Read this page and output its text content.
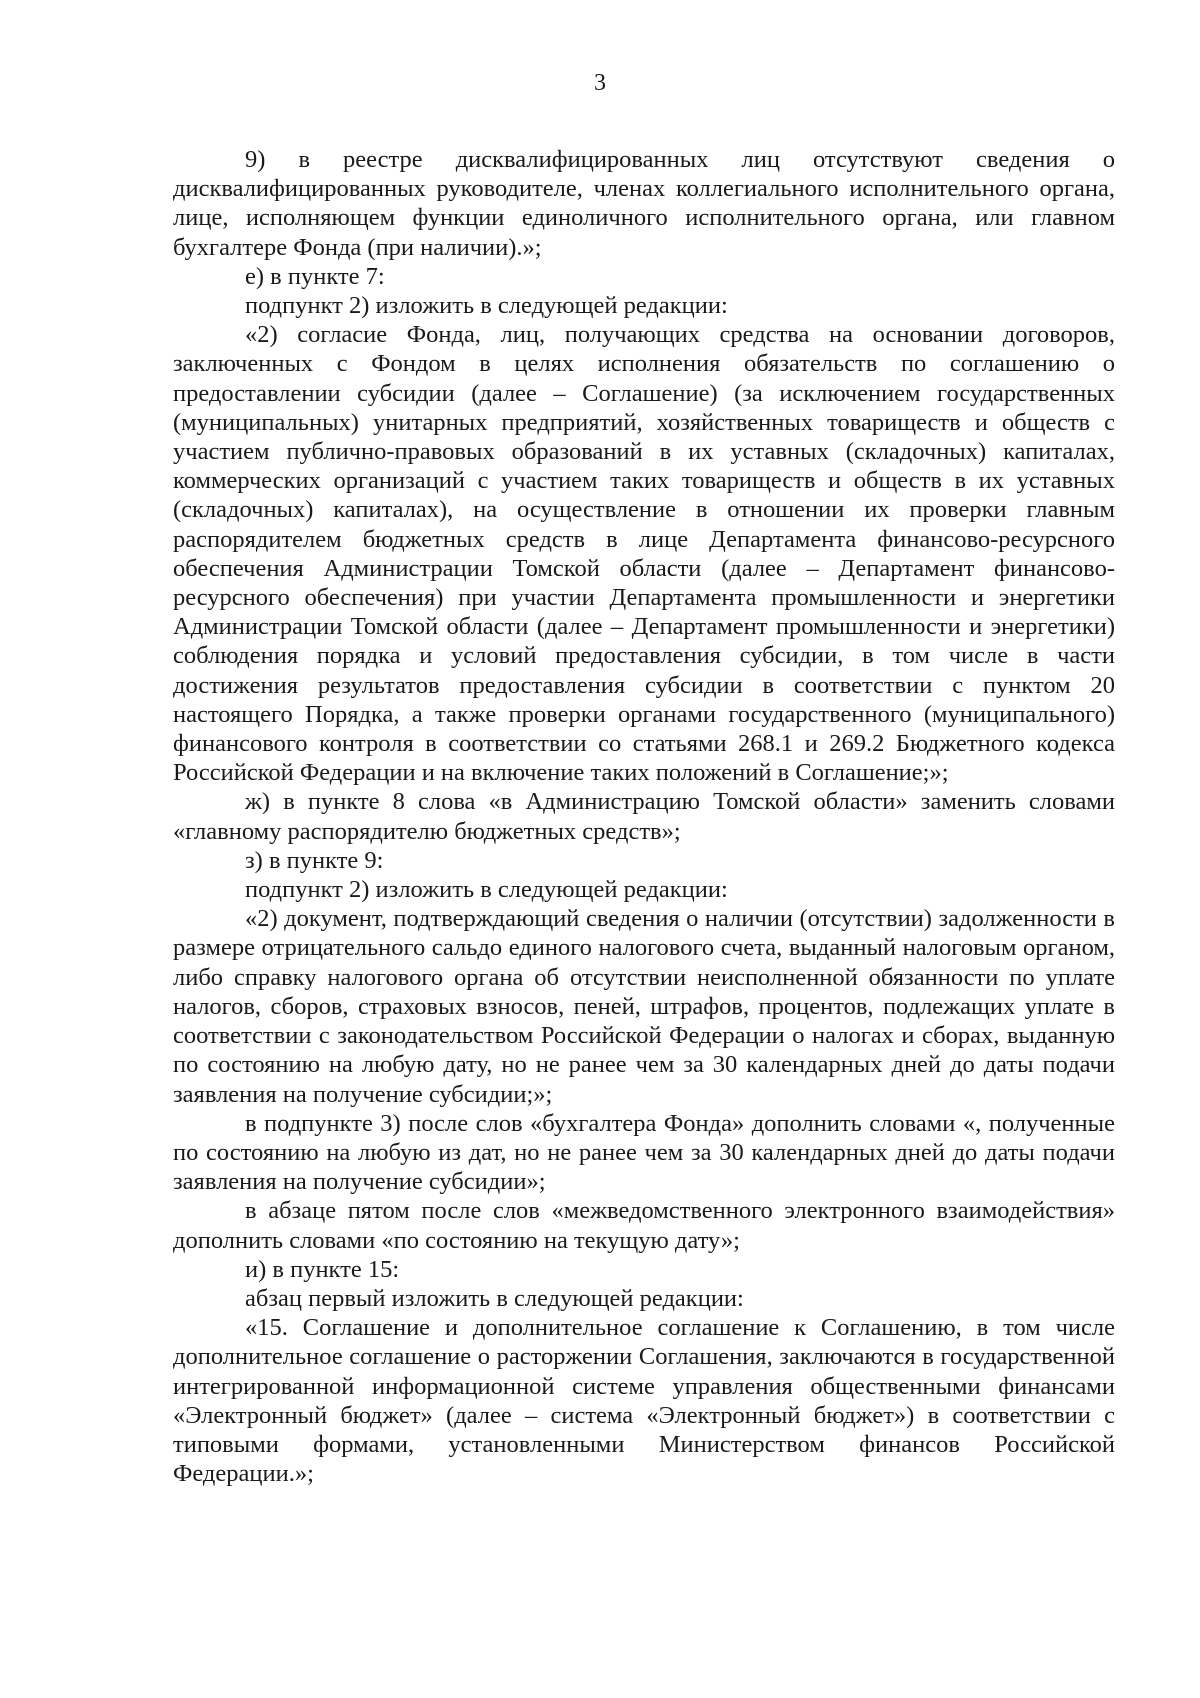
3

9) в реестре дисквалифицированных лиц отсутствуют сведения о дисквалифицированных руководителе, членах коллегиального исполнительного органа, лице, исполняющем функции единоличного исполнительного органа, или главном бухгалтере Фонда (при наличии).»;

е) в пункте 7:

подпункт 2) изложить в следующей редакции:

«2) согласие Фонда, лиц, получающих средства на основании договоров, заключенных с Фондом в целях исполнения обязательств по соглашению о предоставлении субсидии (далее – Соглашение) (за исключением государственных (муниципальных) унитарных предприятий, хозяйственных товариществ и обществ с участием публично-правовых образований в их уставных (складочных) капиталах, коммерческих организаций с участием таких товариществ и обществ в их уставных (складочных) капиталах), на осуществление в отношении их проверки главным распорядителем бюджетных средств в лице Департамента финансово-ресурсного обеспечения Администрации Томской области (далее – Департамент финансово-ресурсного обеспечения) при участии Департамента промышленности и энергетики Администрации Томской области (далее – Департамент промышленности и энергетики) соблюдения порядка и условий предоставления субсидии, в том числе в части достижения результатов предоставления субсидии в соответствии с пунктом 20 настоящего Порядка, а также проверки органами государственного (муниципального) финансового контроля в соответствии со статьями 268.1 и 269.2 Бюджетного кодекса Российской Федерации и на включение таких положений в Соглашение;»;

ж) в пункте 8 слова «в Администрацию Томской области» заменить словами «главному распорядителю бюджетных средств»;

з) в пункте 9:

подпункт 2) изложить в следующей редакции:

«2) документ, подтверждающий сведения о наличии (отсутствии) задолженности в размере отрицательного сальдо единого налогового счета, выданный налоговым органом, либо справку налогового органа об отсутствии неисполненной обязанности по уплате налогов, сборов, страховых взносов, пеней, штрафов, процентов, подлежащих уплате в соответствии с законодательством Российской Федерации о налогах и сборах, выданную по состоянию на любую дату, но не ранее чем за 30 календарных дней до даты подачи заявления на получение субсидии;»;

в подпункте 3) после слов «бухгалтера Фонда» дополнить словами «, полученные по состоянию на любую из дат, но не ранее чем за 30 календарных дней до даты подачи заявления на получение субсидии»;

в абзаце пятом после слов «межведомственного электронного взаимодействия» дополнить словами «по состоянию на текущую дату»;

и) в пункте 15:

абзац первый изложить в следующей редакции:

«15. Соглашение и дополнительное соглашение к Соглашению, в том числе дополнительное соглашение о расторжении Соглашения, заключаются в государственной интегрированной информационной системе управления общественными финансами «Электронный бюджет» (далее – система «Электронный бюджет») в соответствии с типовыми формами, установленными Министерством финансов Российской Федерации.»;
